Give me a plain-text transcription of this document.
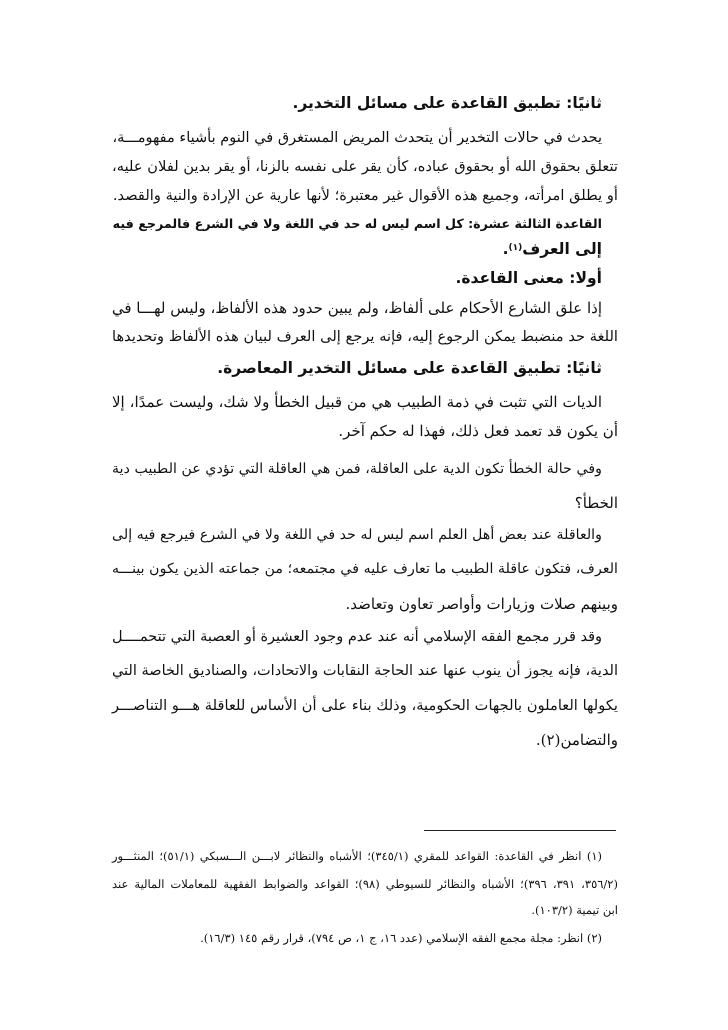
ثانيًا: تطبيق القاعدة على مسائل التخدير.
يحدث في حالات التخدير أن يتحدث المريض المستغرق في النوم بأشياء مفهومـــة،
تتعلق بحقوق الله أو بحقوق عباده، كأن يقر على نفسه بالزنا، أو يقر بدين لفلان عليه،
أو يطلق امرأته، وجميع هذه الأقوال غير معتبرة؛ لأنها عارية عن الإرادة والنية والقصد.
القاعدة الثالثة عشرة: كل اسم ليس له حد في اللغة ولا في الشرع فالمرجع فيه
إلى العرف$^{(١)}$.
أولا: معنى القاعدة.
إذا علق الشارع الأحكام على ألفاظ، ولم يبين حدود هذه الألفاظ، وليس لهـــا في
اللغة حد منضبط يمكن الرجوع إليه، فإنه يرجع إلى العرف لبيان هذه الألفاظ وتحديدها
ثانيًا: تطبيق القاعدة على مسائل التخدير المعاصرة.
الديات التي تثبت في ذمة الطبيب هي من قبيل الخطأ ولا شك، وليست عمدًا، إلا
أن يكون قد تعمد فعل ذلك، فهذا له حكم آخر.
وفي حالة الخطأ تكون الدية على العاقلة، فمن هي العاقلة التي تؤدي عن الطبيب دية
الخطأ؟
والعاقلة عند بعض أهل العلم اسم ليس له حد في اللغة ولا في الشرع فيرجع فيه إلى
العرف، فتكون عاقلة الطبيب ما تعارف عليه في مجتمعه؛ من جماعته الذين يكون بينـــه
وبينهم صلات وزيارات وأواصر تعاون وتعاضد.
وقد قرر مجمع الفقه الإسلامي أنه عند عدم وجود العشيرة أو العصبة التي تتحمــــل
الدية، فإنه يجوز أن ينوب عنها عند الحاجة النقابات والاتحادات، والصناديق الخاصة التي
يكولها العاملون بالجهات الحكومية، وذلك بناء على أن الأساس للعاقلة هـــو التناصـــر
والتضامن(٢).
(١) انظر في القاعدة: القواعد للمقري (٣٤٥/١)؛ الأشباه والنظائر لابـــن الـــسبكي (٥١/١)؛ المنثـــور
(٣٥٦/٢، ٣٩١، ٣٩٦)؛ الأشباه والنظائر للسيوطي (٩٨)؛ القواعد والضوابط الفقهية للمعاملات المالية عند
ابن تيمية (١٠٣/٢).
(٢) انظر: مجلة مجمع الفقه الإسلامي (عدد ١٦، ج ١، ص ٧٩٤)، قرار رقم ١٤٥ (١٦/٣).
